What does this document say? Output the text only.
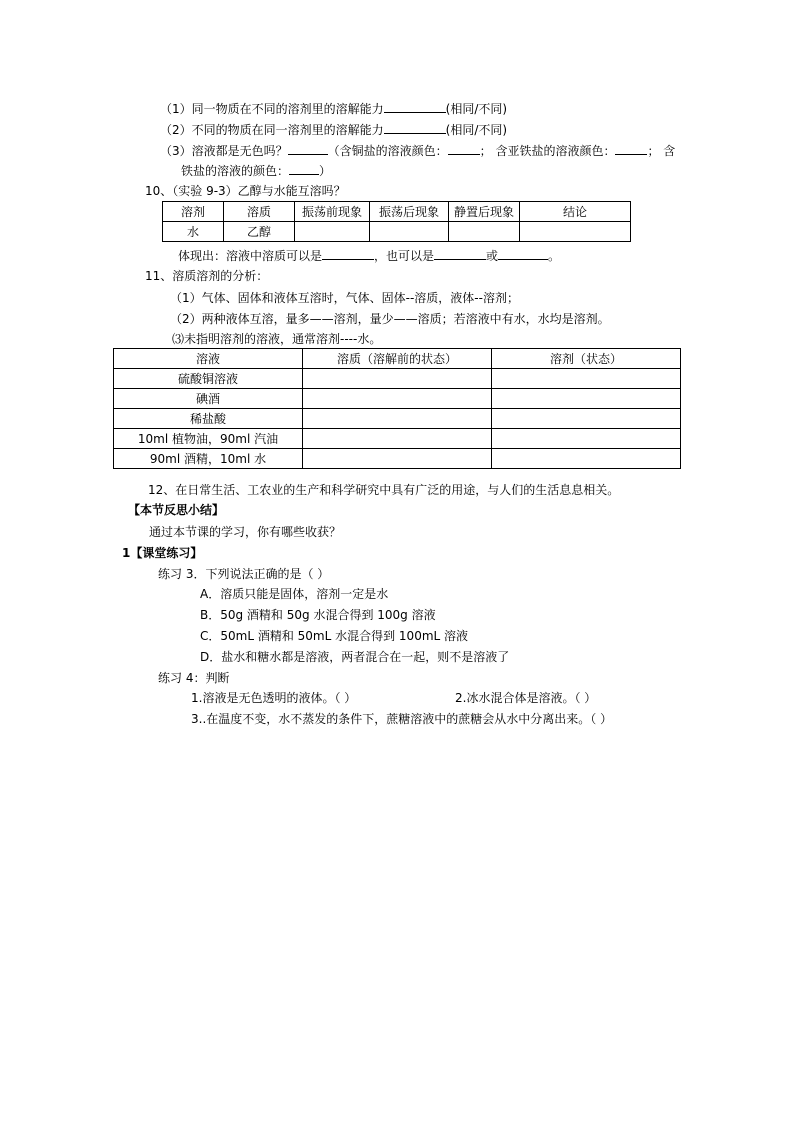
（1）同一物质在不同的溶剂里的溶解能力	(相同/不同)
（2）不同的物质在同一溶剂里的溶解能力	(相同/不同)
（3）溶液都是无色吗？	（含铜盐的溶液颜色：	； 含亚铁盐的溶液颜色：	； 含
铁盐的溶液的颜色：	）
10、（实验 9-3）乙醇与水能互溶吗？
溶剂	溶质	振荡前现象	振荡后现象	静置后现象	结论
水	乙醇				
体现出：溶液中溶质可以是	，也可以是	或	。
11、溶质溶剂的分析：
（1）气体、固体和液体互溶时，气体、固体--溶质，液体--溶剂；
（2）两种液体互溶，量多——溶剂，量少——溶质；若溶液中有水，水均是溶剂。
⑶未指明溶剂的溶液，通常溶剂----水。
溶液	溶质（溶解前的状态）	溶剂（状态）
硫酸铜溶液		
碘酒		
稀盐酸		
10ml 植物油，90ml 汽油		
90ml 酒精，10ml 水		
12、在日常生活、工农业的生产和科学研究中具有广泛的用途，与人们的生活息息相关。
【本节反思小结】
通过本节课的学习，你有哪些收获？
1【课堂练习】
练习 3．下列说法正确的是（ ）
A．溶质只能是固体，溶剂一定是水
B．50g 酒精和 50g 水混合得到 100g 溶液
C．50mL 酒精和 50mL 水混合得到 100mL 溶液
D．盐水和糖水都是溶液，两者混合在一起，则不是溶液了
练习 4：判断
1.溶液是无色透明的液体。（ ）	2.冰水混合体是溶液。（ ）
3..在温度不变，水不蒸发的条件下，蔗糖溶液中的蔗糖会从水中分离出来。（ ）
